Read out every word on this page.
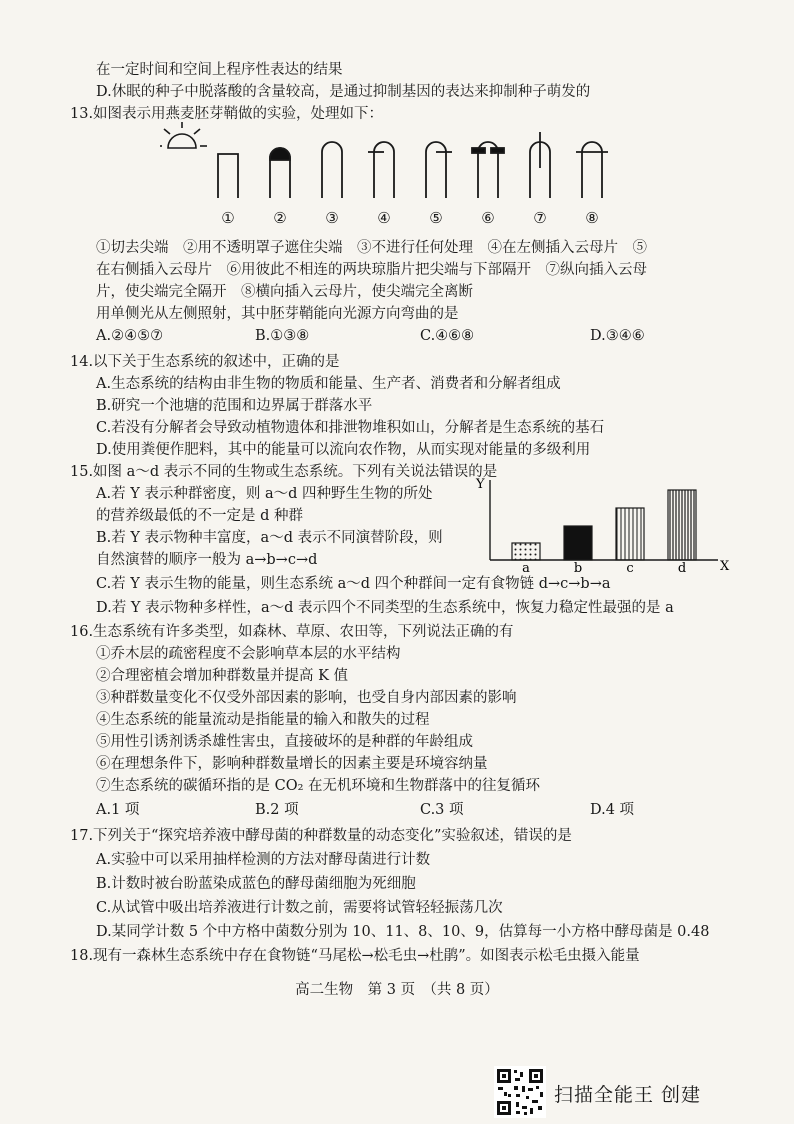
在一定时间和空间上程序性表达的结果
D.休眠的种子中脱落酸的含量较高，是通过抑制基因的表达来抑制种子萌发的
13.如图表示用燕麦胚芽鞘做的实验，处理如下：
①切去尖端　②用不透明罩子遮住尖端　③不进行任何处理　④在左侧插入云母片　⑤
在右侧插入云母片　⑥用彼此不相连的两块琼脂片把尖端与下部隔开　⑦纵向插入云母
片，使尖端完全隔开　⑧横向插入云母片，使尖端完全离断
用单侧光从左侧照射，其中胚芽鞘能向光源方向弯曲的是
A.②④⑤⑦	B.①③⑧	C.④⑥⑧	D.③④⑥
14.以下关于生态系统的叙述中，正确的是
A.生态系统的结构由非生物的物质和能量、生产者、消费者和分解者组成
B.研究一个池塘的范围和边界属于群落水平
C.若没有分解者会导致动植物遗体和排泄物堆积如山，分解者是生态系统的基石
D.使用粪便作肥料，其中的能量可以流向农作物，从而实现对能量的多级利用
15.如图 a～d 表示不同的生物或生态系统。下列有关说法错误的是
A.若 Y 表示种群密度，则 a～d 四种野生生物的所处
的营养级最低的不一定是 d 种群
B.若 Y 表示物种丰富度，a～d 表示不同演替阶段，则
自然演替的顺序一般为 a→b→c→d
C.若 Y 表示生物的能量，则生态系统 a～d 四个种群间一定有食物链 d→c→b→a
D.若 Y 表示物种多样性，a～d 表示四个不同类型的生态系统中，恢复力稳定性最强的是 a
16.生态系统有许多类型，如森林、草原、农田等，下列说法正确的有
①乔木层的疏密程度不会影响草本层的水平结构
②合理密植会增加种群数量并提高 K 值
③种群数量变化不仅受外部因素的影响，也受自身内部因素的影响
④生态系统的能量流动是指能量的输入和散失的过程
⑤用性引诱剂诱杀雄性害虫，直接破坏的是种群的年龄组成
⑥在理想条件下，影响种群数量增长的因素主要是环境容纳量
⑦生态系统的碳循环指的是 CO₂ 在无机环境和生物群落中的往复循环
A.1 项	B.2 项	C.3 项	D.4 项
17.下列关于“探究培养液中酵母菌的种群数量的动态变化”实验叙述，错误的是
A.实验中可以采用抽样检测的方法对酵母菌进行计数
B.计数时被台盼蓝染成蓝色的酵母菌细胞为死细胞
C.从试管中吸出培养液进行计数之前，需要将试管轻轻振荡几次
D.某同学计数 5 个中方格中菌数分别为 10、11、8、10、9，估算每一小方格中酵母菌是 0.48
18.现有一森林生态系统中存在食物链“马尾松→松毛虫→杜鹃”。如图表示松毛虫摄入能量
①	②	③	④	⑤	⑥	⑦	⑧
Y
X
a	b	c	d
高二生物　第 3 页　（共 8 页）
扫描全能王 创建
